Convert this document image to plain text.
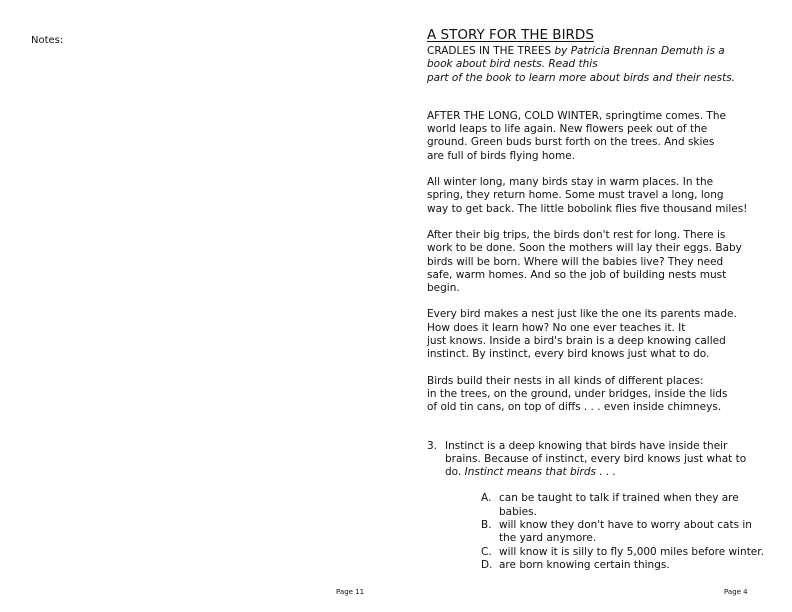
Notes:	A STORY FOR THE BIRDS
CRADLES IN THE TREES by Patricia Brennan Demuth is a
book about bird nests. Read this
part of the book to learn more about birds and their nests.
AFTER THE LONG, COLD WINTER, springtime comes. The
world leaps to life again. New flowers peek out of the
ground. Green buds burst forth on the trees. And skies
are full of birds flying home.
All winter long, many birds stay in warm places. In the
spring, they return home. Some must travel a long, long
way to get back. The little bobolink flies five thousand miles!
After their big trips, the birds don't rest for long. There is
work to be done. Soon the mothers will lay their eggs. Baby
birds will be born. Where will the babies live? They need
safe, warm homes. And so the job of building nests must
begin.
Every bird makes a nest just like the one its parents made.
How does it learn how? No one ever teaches it. It
just knows. Inside a bird's brain is a deep knowing called
instinct. By instinct, every bird knows just what to do.
Birds build their nests in all kinds of different places:
in the trees, on the ground, under bridges, inside the lids
of old tin cans, on top of diffs . . . even inside chimneys.
3. Instinct is a deep knowing that birds have inside their
brains. Because of instinct, every bird knows just what to
do. Instinct means that birds . . .
A. can be taught to talk if trained when they are
babies.
B. will know they don't have to worry about cats in
the yard anymore.
C. will know it is silly to fly 5,000 miles before winter.
D. are born knowing certain things.
Page 11	Page 4
